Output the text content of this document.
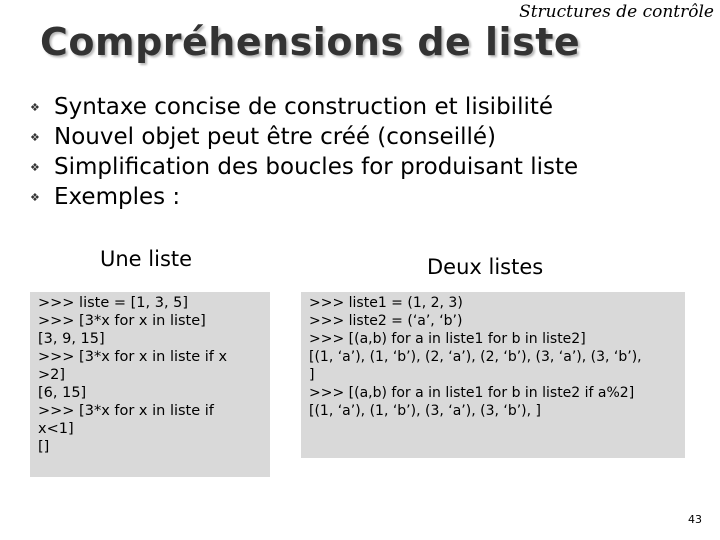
Structures de contrôle
Compréhensions de liste
❖ Syntaxe concise de construction et lisibilité
❖ Nouvel objet peut être créé (conseillé)
❖ Simplification des boucles for produisant liste
❖ Exemples :
Une liste	Deux listes
>>> liste = [1, 3, 5]
>>> [3*x for x in liste]
[3, 9, 15]
>>> [3*x for x in liste if x
>2]
[6, 15]
>>> [3*x for x in liste if
x<1]
[]
>>> liste1 = (1, 2, 3)
>>> liste2 = (‘a’, ‘b’)
>>> [(a,b) for a in liste1 for b in liste2]
[(1, ‘a’), (1, ‘b’), (2, ‘a’), (2, ‘b’), (3, ‘a’), (3, ‘b’),
]
>>> [(a,b) for a in liste1 for b in liste2 if a%2]
[(1, ‘a’), (1, ‘b’), (3, ‘a’), (3, ‘b’), ]
43
